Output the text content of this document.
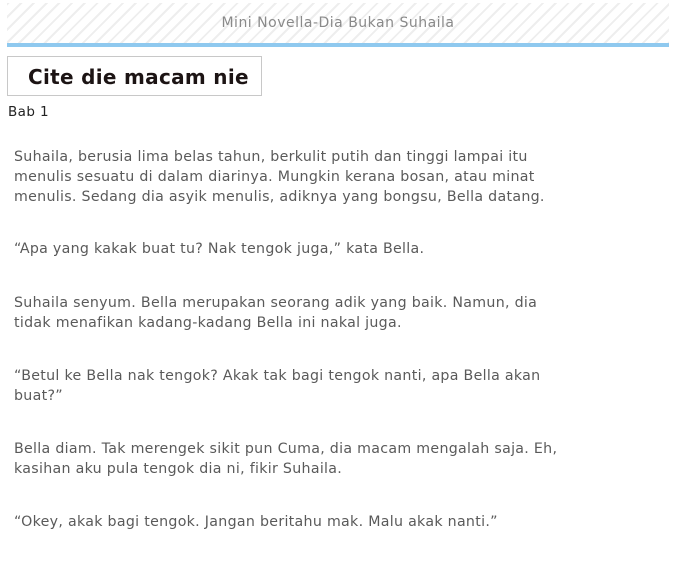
Mini Novella-Dia Bukan Suhaila
Cite die macam nie
Bab 1

Suhaila, berusia lima belas tahun, berkulit putih dan tinggi lampai itu
menulis sesuatu di dalam diarinya. Mungkin kerana bosan, atau minat
menulis. Sedang dia asyik menulis, adiknya yang bongsu, Bella datang.

“Apa yang kakak buat tu? Nak tengok juga,” kata Bella.

Suhaila senyum. Bella merupakan seorang adik yang baik. Namun, dia
tidak menafikan kadang-kadang Bella ini nakal juga.

“Betul ke Bella nak tengok? Akak tak bagi tengok nanti, apa Bella akan
buat?”

Bella diam. Tak merengek sikit pun Cuma, dia macam mengalah saja. Eh,
kasihan aku pula tengok dia ni, fikir Suhaila.

“Okey, akak bagi tengok. Jangan beritahu mak. Malu akak nanti.”
